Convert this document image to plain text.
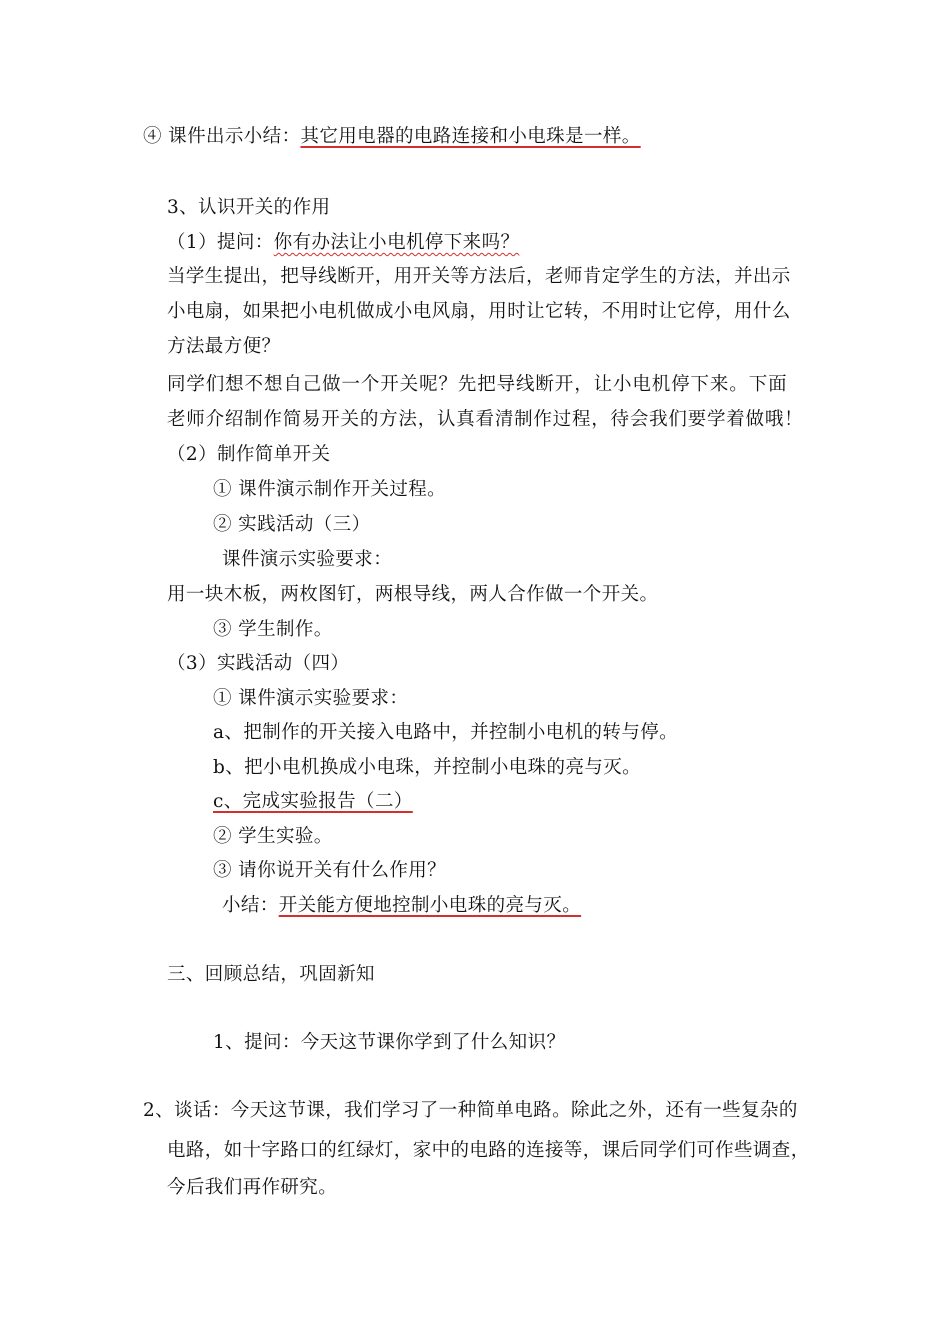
④ 课件出示小结：其它用电器的电路连接和小电珠是一样。
3、认识开关的作用
（1）提问：你有办法让小电机停下来吗？
当学生提出，把导线断开，用开关等方法后，老师肯定学生的方法，并出示
小电扇，如果把小电机做成小电风扇，用时让它转，不用时让它停，用什么
方法最方便？
同学们想不想自己做一个开关呢？先把导线断开，让小电机停下来。下面
老师介绍制作简易开关的方法，认真看清制作过程，待会我们要学着做哦！
（2）制作简单开关
① 课件演示制作开关过程。
② 实践活动（三）
课件演示实验要求：
用一块木板，两枚图钉，两根导线，两人合作做一个开关。
③ 学生制作。
（3）实践活动（四）
① 课件演示实验要求：
a、把制作的开关接入电路中，并控制小电机的转与停。
b、把小电机换成小电珠，并控制小电珠的亮与灭。
c、完成实验报告（二）
② 学生实验。
③ 请你说开关有什么作用？
小结：开关能方便地控制小电珠的亮与灭。
三、回顾总结，巩固新知
1、提问：今天这节课你学到了什么知识？
2、谈话：今天这节课，我们学习了一种简单电路。除此之外，还有一些复杂的
电路，如十字路口的红绿灯，家中的电路的连接等，课后同学们可作些调查，
今后我们再作研究。
